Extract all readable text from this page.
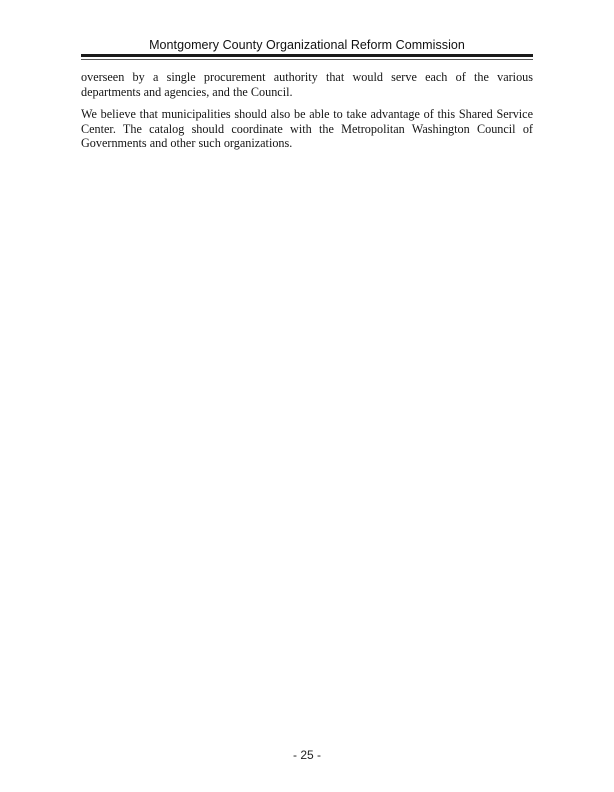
Montgomery County Organizational Reform Commission

overseen by a single procurement authority that would serve each of the various departments and agencies, and the Council.

We believe that municipalities should also be able to take advantage of this Shared Service Center. The catalog should coordinate with the Metropolitan Washington Council of Governments and other such organizations.

- 25 -
